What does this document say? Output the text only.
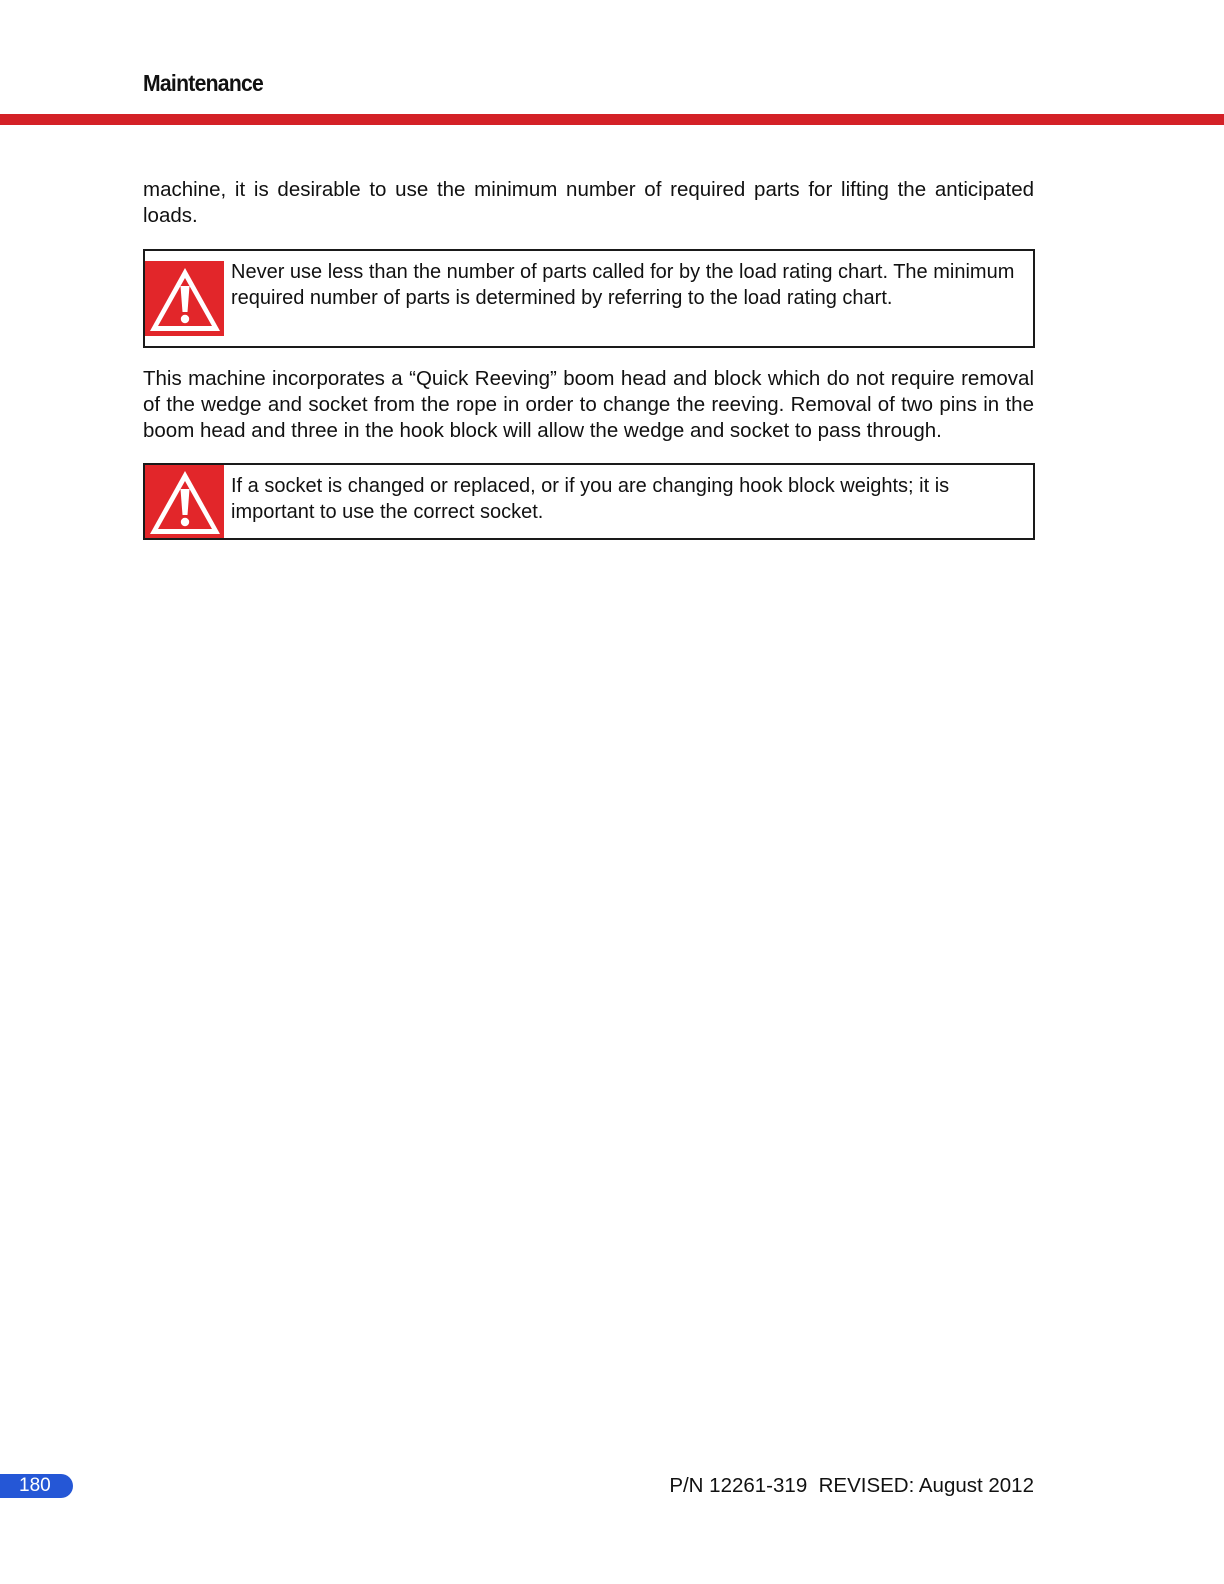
Maintenance

machine, it is desirable to use the minimum number of required parts for lifting the anticipated loads.

Never use less than the number of parts called for by the load rating chart. The minimum required number of parts is determined by referring to the load rating chart.

This machine incorporates a “Quick Reeving” boom head and block which do not require removal of the wedge and socket from the rope in order to change the reeving. Removal of two pins in the boom head and three in the hook block will allow the wedge and socket to pass through.

If a socket is changed or replaced, or if you are changing hook block weights; it is important to use the correct socket.
180	P/N 12261-319  REVISED: August 2012
